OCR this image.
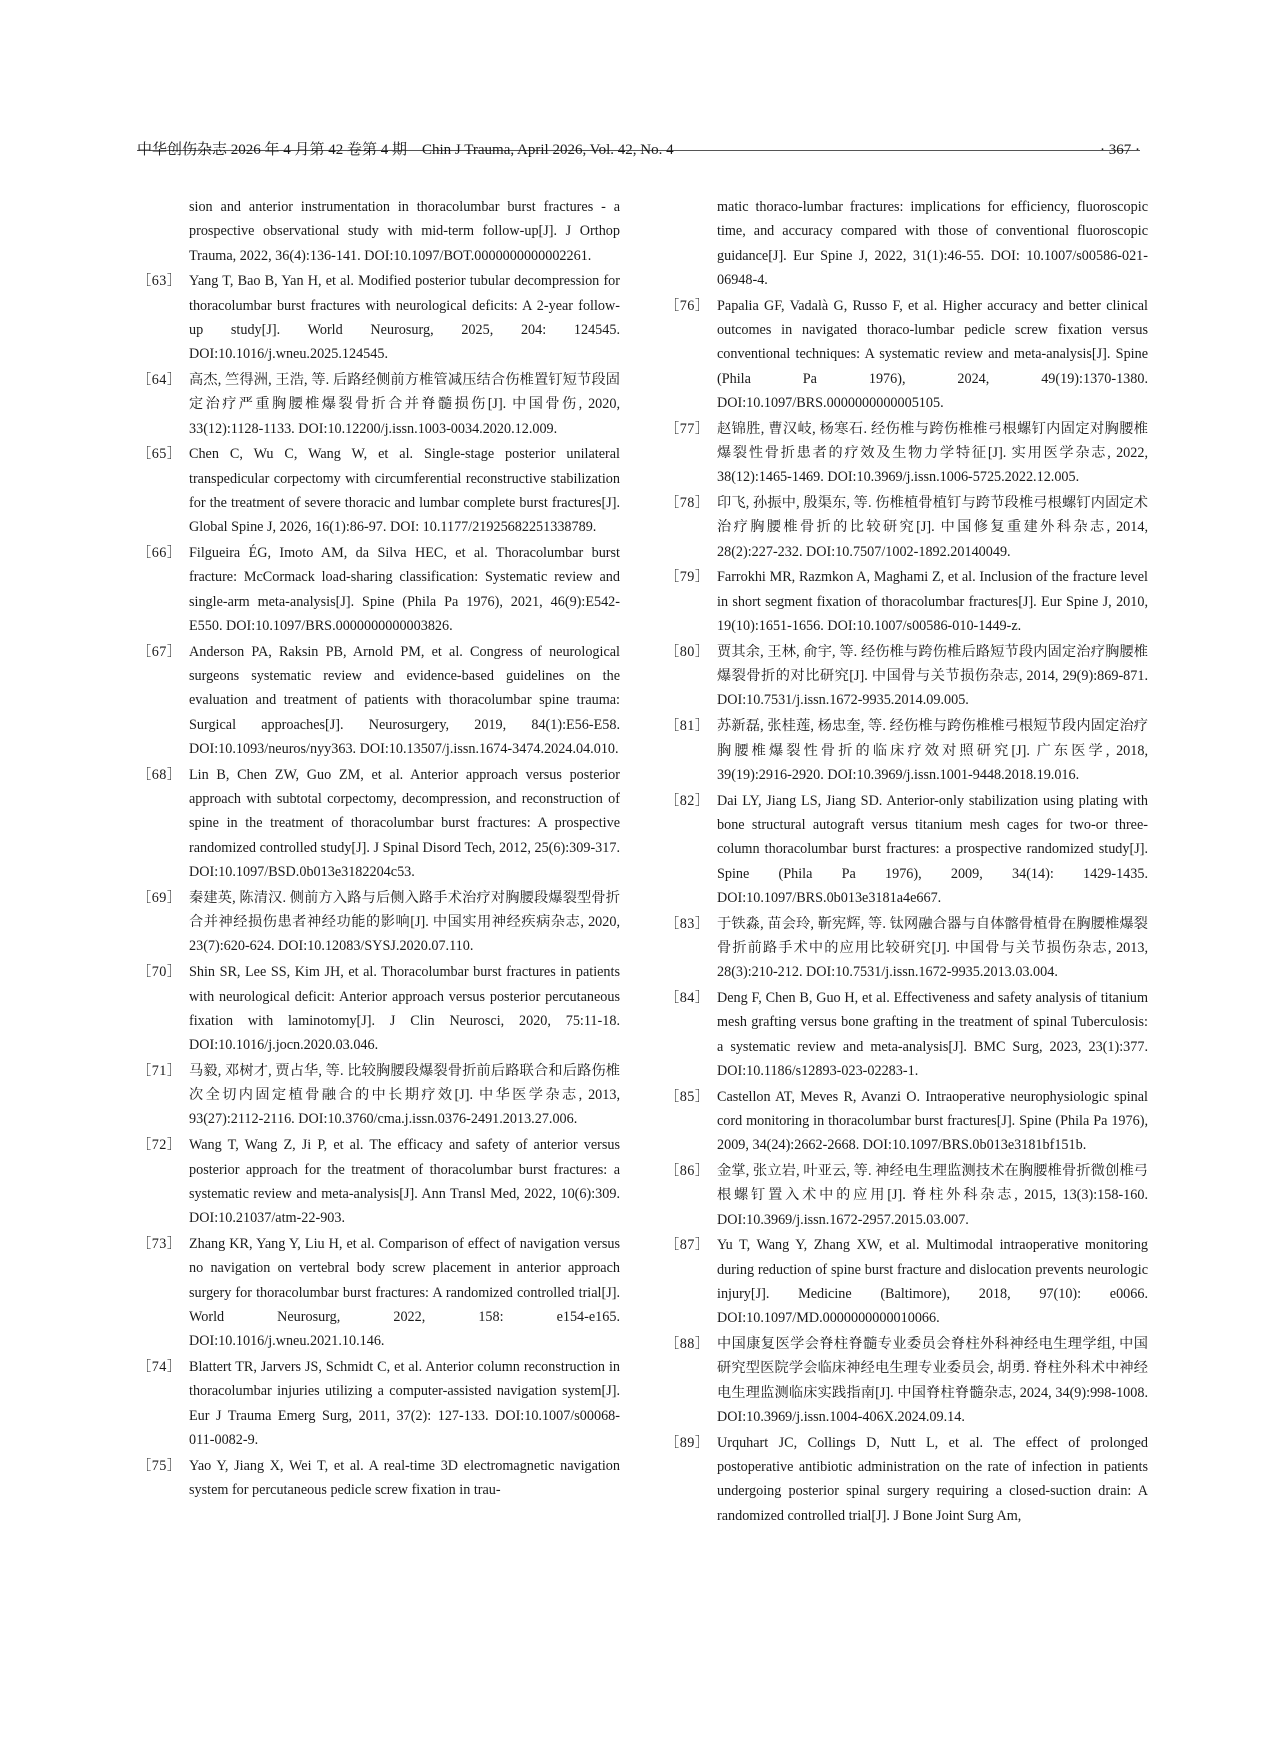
中华创伤杂志 2026 年 4 月第 42 卷第 4 期　Chin J Trauma, April 2026, Vol. 42, No. 4	· 367 ·
sion and anterior instrumentation in thoracolumbar burst fractures - a prospective observational study with mid-term follow-up[J]. J Orthop Trauma, 2022, 36(4):136-141. DOI:10.1097/BOT.0000000000002261.
［63］ Yang T, Bao B, Yan H, et al. Modified posterior tubular decompression for thoracolumbar burst fractures with neurological deficits: A 2-year follow-up study[J]. World Neurosurg, 2025, 204: 124545. DOI:10.1016/j.wneu.2025.124545.
［64］ 高杰, 竺得洲, 王浩, 等. 后路经侧前方椎管减压结合伤椎置钉短节段固定治疗严重胸腰椎爆裂骨折合并脊髓损伤[J]. 中国骨伤, 2020, 33(12):1128-1133. DOI:10.12200/j.issn.1003-0034.2020.12.009.
［65］ Chen C, Wu C, Wang W, et al. Single-stage posterior unilateral transpedicular corpectomy with circumferential reconstructive stabilization for the treatment of severe thoracic and lumbar complete burst fractures[J]. Global Spine J, 2026, 16(1):86-97. DOI: 10.1177/21925682251338789.
［66］ Filgueira ÉG, Imoto AM, da Silva HEC, et al. Thoracolumbar burst fracture: McCormack load-sharing classification: Systematic review and single-arm meta-analysis[J]. Spine (Phila Pa 1976), 2021, 46(9):E542-E550. DOI:10.1097/BRS.0000000000003826.
［67］ Anderson PA, Raksin PB, Arnold PM, et al. Congress of neurological surgeons systematic review and evidence-based guidelines on the evaluation and treatment of patients with thoracolumbar spine trauma: Surgical approaches[J]. Neurosurgery, 2019, 84(1):E56-E58. DOI:10.1093/neuros/nyy363. DOI:10.13507/j.issn.1674-3474.2024.04.010.
［68］ Lin B, Chen ZW, Guo ZM, et al. Anterior approach versus posterior approach with subtotal corpectomy, decompression, and reconstruction of spine in the treatment of thoracolumbar burst fractures: A prospective randomized controlled study[J]. J Spinal Disord Tech, 2012, 25(6):309-317. DOI:10.1097/BSD.0b013e3182204c53.
［69］ 秦建英, 陈清汉. 侧前方入路与后侧入路手术治疗对胸腰段爆裂型骨折合并神经损伤患者神经功能的影响[J]. 中国实用神经疾病杂志, 2020, 23(7):620-624. DOI:10.12083/SYSJ.2020.07.110.
［70］ Shin SR, Lee SS, Kim JH, et al. Thoracolumbar burst fractures in patients with neurological deficit: Anterior approach versus posterior percutaneous fixation with laminotomy[J]. J Clin Neurosci, 2020, 75:11-18. DOI:10.1016/j.jocn.2020.03.046.
［71］ 马毅, 邓树才, 贾占华, 等. 比较胸腰段爆裂骨折前后路联合和后路伤椎次全切内固定植骨融合的中长期疗效[J]. 中华医学杂志, 2013, 93(27):2112-2116. DOI:10.3760/cma.j.issn.0376-2491.2013.27.006.
［72］ Wang T, Wang Z, Ji P, et al. The efficacy and safety of anterior versus posterior approach for the treatment of thoracolumbar burst fractures: a systematic review and meta-analysis[J]. Ann Transl Med, 2022, 10(6):309. DOI:10.21037/atm-22-903.
［73］ Zhang KR, Yang Y, Liu H, et al. Comparison of effect of navigation versus no navigation on vertebral body screw placement in anterior approach surgery for thoracolumbar burst fractures: A randomized controlled trial[J]. World Neurosurg, 2022, 158: e154-e165. DOI:10.1016/j.wneu.2021.10.146.
［74］ Blattert TR, Jarvers JS, Schmidt C, et al. Anterior column reconstruction in thoracolumbar injuries utilizing a computer-assisted navigation system[J]. Eur J Trauma Emerg Surg, 2011, 37(2): 127-133. DOI:10.1007/s00068-011-0082-9.
［75］ Yao Y, Jiang X, Wei T, et al. A real-time 3D electromagnetic navigation system for percutaneous pedicle screw fixation in trau-
matic thoraco-lumbar fractures: implications for efficiency, fluoroscopic time, and accuracy compared with those of conventional fluoroscopic guidance[J]. Eur Spine J, 2022, 31(1):46-55. DOI: 10.1007/s00586-021-06948-4.
［76］ Papalia GF, Vadalà G, Russo F, et al. Higher accuracy and better clinical outcomes in navigated thoraco-lumbar pedicle screw fixation versus conventional techniques: A systematic review and meta-analysis[J]. Spine (Phila Pa 1976), 2024, 49(19):1370-1380. DOI:10.1097/BRS.0000000000005105.
［77］ 赵锦胜, 曹汉岐, 杨寒石. 经伤椎与跨伤椎椎弓根螺钉内固定对胸腰椎爆裂性骨折患者的疗效及生物力学特征[J]. 实用医学杂志, 2022, 38(12):1465-1469. DOI:10.3969/j.issn.1006-5725.2022.12.005.
［78］ 印飞, 孙振中, 殷渠东, 等. 伤椎植骨植钉与跨节段椎弓根螺钉内固定术治疗胸腰椎骨折的比较研究[J]. 中国修复重建外科杂志, 2014, 28(2):227-232. DOI:10.7507/1002-1892.20140049.
［79］ Farrokhi MR, Razmkon A, Maghami Z, et al. Inclusion of the fracture level in short segment fixation of thoracolumbar fractures[J]. Eur Spine J, 2010, 19(10):1651-1656. DOI:10.1007/s00586-010-1449-z.
［80］ 贾其余, 王林, 俞宇, 等. 经伤椎与跨伤椎后路短节段内固定治疗胸腰椎爆裂骨折的对比研究[J]. 中国骨与关节损伤杂志, 2014, 29(9):869-871. DOI:10.7531/j.issn.1672-9935.2014.09.005.
［81］ 苏新磊, 张桂莲, 杨忠奎, 等. 经伤椎与跨伤椎椎弓根短节段内固定治疗胸腰椎爆裂性骨折的临床疗效对照研究[J]. 广东医学, 2018, 39(19):2916-2920. DOI:10.3969/j.issn.1001-9448.2018.19.016.
［82］ Dai LY, Jiang LS, Jiang SD. Anterior-only stabilization using plating with bone structural autograft versus titanium mesh cages for two-or three-column thoracolumbar burst fractures: a prospective randomized study[J]. Spine (Phila Pa 1976), 2009, 34(14): 1429-1435. DOI:10.1097/BRS.0b013e3181a4e667.
［83］ 于铁淼, 苗会玲, 靳宪辉, 等. 钛网融合器与自体髂骨植骨在胸腰椎爆裂骨折前路手术中的应用比较研究[J]. 中国骨与关节损伤杂志, 2013, 28(3):210-212. DOI:10.7531/j.issn.1672-9935.2013.03.004.
［84］ Deng F, Chen B, Guo H, et al. Effectiveness and safety analysis of titanium mesh grafting versus bone grafting in the treatment of spinal Tuberculosis: a systematic review and meta-analysis[J]. BMC Surg, 2023, 23(1):377. DOI:10.1186/s12893-023-02283-1.
［85］ Castellon AT, Meves R, Avanzi O. Intraoperative neurophysiologic spinal cord monitoring in thoracolumbar burst fractures[J]. Spine (Phila Pa 1976), 2009, 34(24):2662-2668. DOI:10.1097/BRS.0b013e3181bf151b.
［86］ 金掌, 张立岩, 叶亚云, 等. 神经电生理监测技术在胸腰椎骨折微创椎弓根螺钉置入术中的应用[J]. 脊柱外科杂志, 2015, 13(3):158-160. DOI:10.3969/j.issn.1672-2957.2015.03.007.
［87］ Yu T, Wang Y, Zhang XW, et al. Multimodal intraoperative monitoring during reduction of spine burst fracture and dislocation prevents neurologic injury[J]. Medicine (Baltimore), 2018, 97(10): e0066. DOI:10.1097/MD.0000000000010066.
［88］ 中国康复医学会脊柱脊髓专业委员会脊柱外科神经电生理学组, 中国研究型医院学会临床神经电生理专业委员会, 胡勇. 脊柱外科术中神经电生理监测临床实践指南[J]. 中国脊柱脊髓杂志, 2024, 34(9):998-1008. DOI:10.3969/j.issn.1004-406X.2024.09.14.
［89］ Urquhart JC, Collings D, Nutt L, et al. The effect of prolonged postoperative antibiotic administration on the rate of infection in patients undergoing posterior spinal surgery requiring a closed-suction drain: A randomized controlled trial[J]. J Bone Joint Surg Am,
